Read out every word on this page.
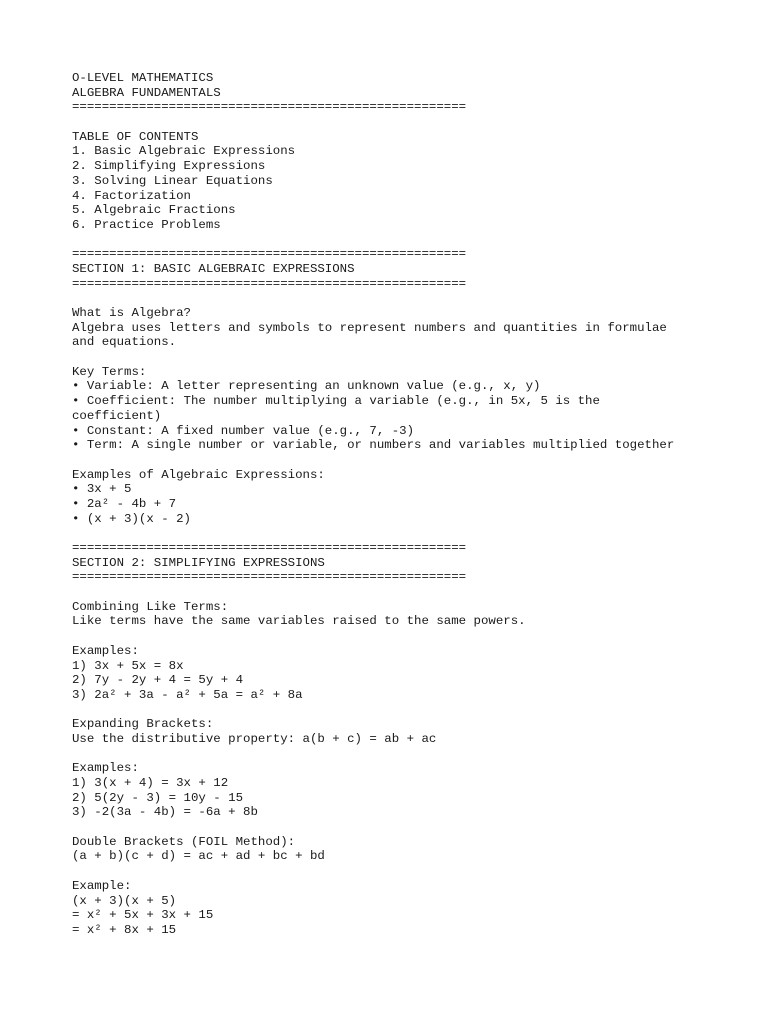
O-LEVEL MATHEMATICS
ALGEBRA FUNDAMENTALS
=====================================================
TABLE OF CONTENTS
1. Basic Algebraic Expressions
2. Simplifying Expressions
3. Solving Linear Equations
4. Factorization
5. Algebraic Fractions
6. Practice Problems
=====================================================
SECTION 1: BASIC ALGEBRAIC EXPRESSIONS
=====================================================
What is Algebra?
Algebra uses letters and symbols to represent numbers and quantities in formulae
and equations.
Key Terms:
• Variable: A letter representing an unknown value (e.g., x, y)
• Coefficient: The number multiplying a variable (e.g., in 5x, 5 is the
coefficient)
• Constant: A fixed number value (e.g., 7, -3)
• Term: A single number or variable, or numbers and variables multiplied together
Examples of Algebraic Expressions:
• 3x + 5
• 2a² - 4b + 7
• (x + 3)(x - 2)
=====================================================
SECTION 2: SIMPLIFYING EXPRESSIONS
=====================================================
Combining Like Terms:
Like terms have the same variables raised to the same powers.
Examples:
1) 3x + 5x = 8x
2) 7y - 2y + 4 = 5y + 4
3) 2a² + 3a - a² + 5a = a² + 8a
Expanding Brackets:
Use the distributive property: a(b + c) = ab + ac
Examples:
1) 3(x + 4) = 3x + 12
2) 5(2y - 3) = 10y - 15
3) -2(3a - 4b) = -6a + 8b
Double Brackets (FOIL Method):
(a + b)(c + d) = ac + ad + bc + bd
Example:
(x + 3)(x + 5)
= x² + 5x + 3x + 15
= x² + 8x + 15
